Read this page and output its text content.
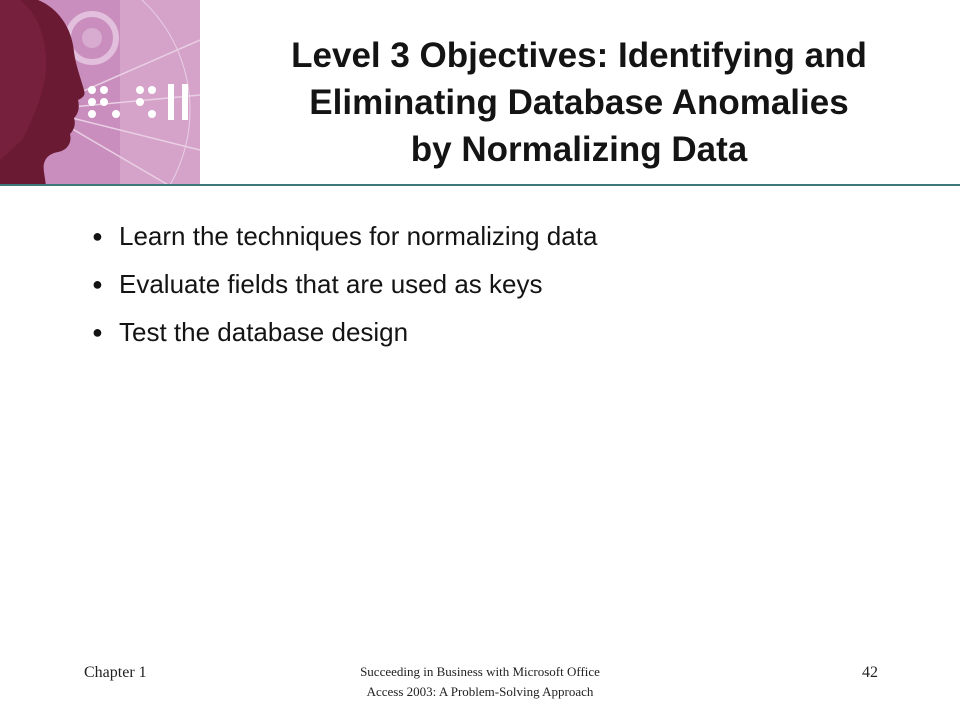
Level 3 Objectives: Identifying and
Eliminating Database Anomalies
by Normalizing Data
● Learn the techniques for normalizing data
● Evaluate fields that are used as keys
● Test the database design
Chapter 1	Succeeding in Business with Microsoft Office
Access 2003: A Problem-Solving Approach
42
